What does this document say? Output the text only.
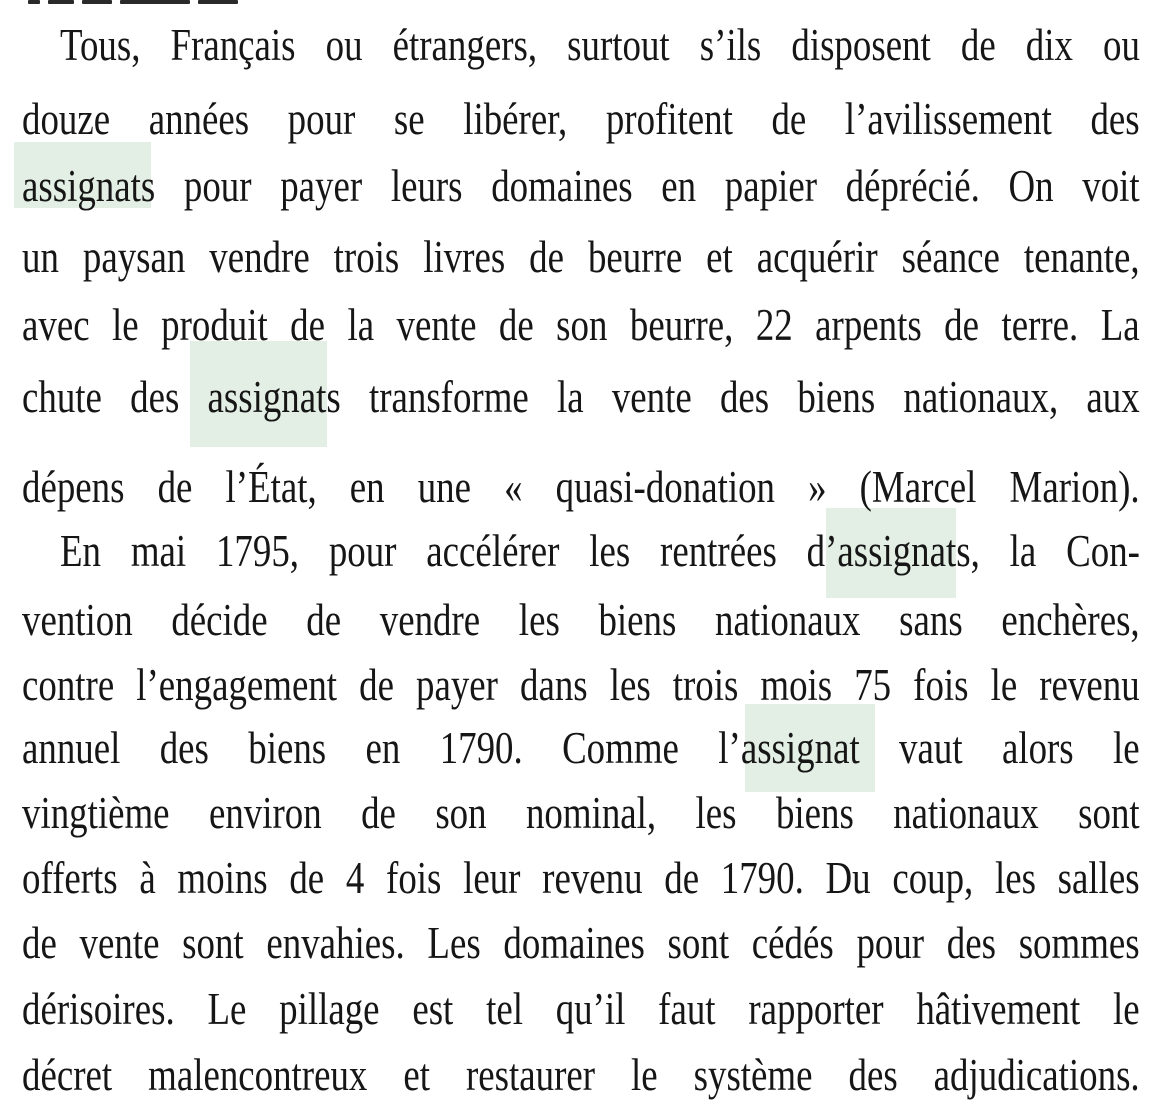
Tous, Français ou étrangers, surtout s’ils disposent de dix ou
douze années pour se libérer, profitent de l’avilissement des
assignats pour payer leurs domaines en papier déprécié. On voit
un paysan vendre trois livres de beurre et acquérir séance tenante,
avec le produit de la vente de son beurre, 22 arpents de terre. La
chute des assignats transforme la vente des biens nationaux, aux
dépens de l’État, en une « quasi-donation » (Marcel Marion).
En mai 1795, pour accélérer les rentrées d’assignats, la Con-
vention décide de vendre les biens nationaux sans enchères,
contre l’engagement de payer dans les trois mois 75 fois le revenu
annuel des biens en 1790. Comme l’assignat vaut alors le
vingtième environ de son nominal, les biens nationaux sont
offerts à moins de 4 fois leur revenu de 1790. Du coup, les salles
de vente sont envahies. Les domaines sont cédés pour des sommes
dérisoires. Le pillage est tel qu’il faut rapporter hâtivement le
décret malencontreux et restaurer le système des adjudications.
